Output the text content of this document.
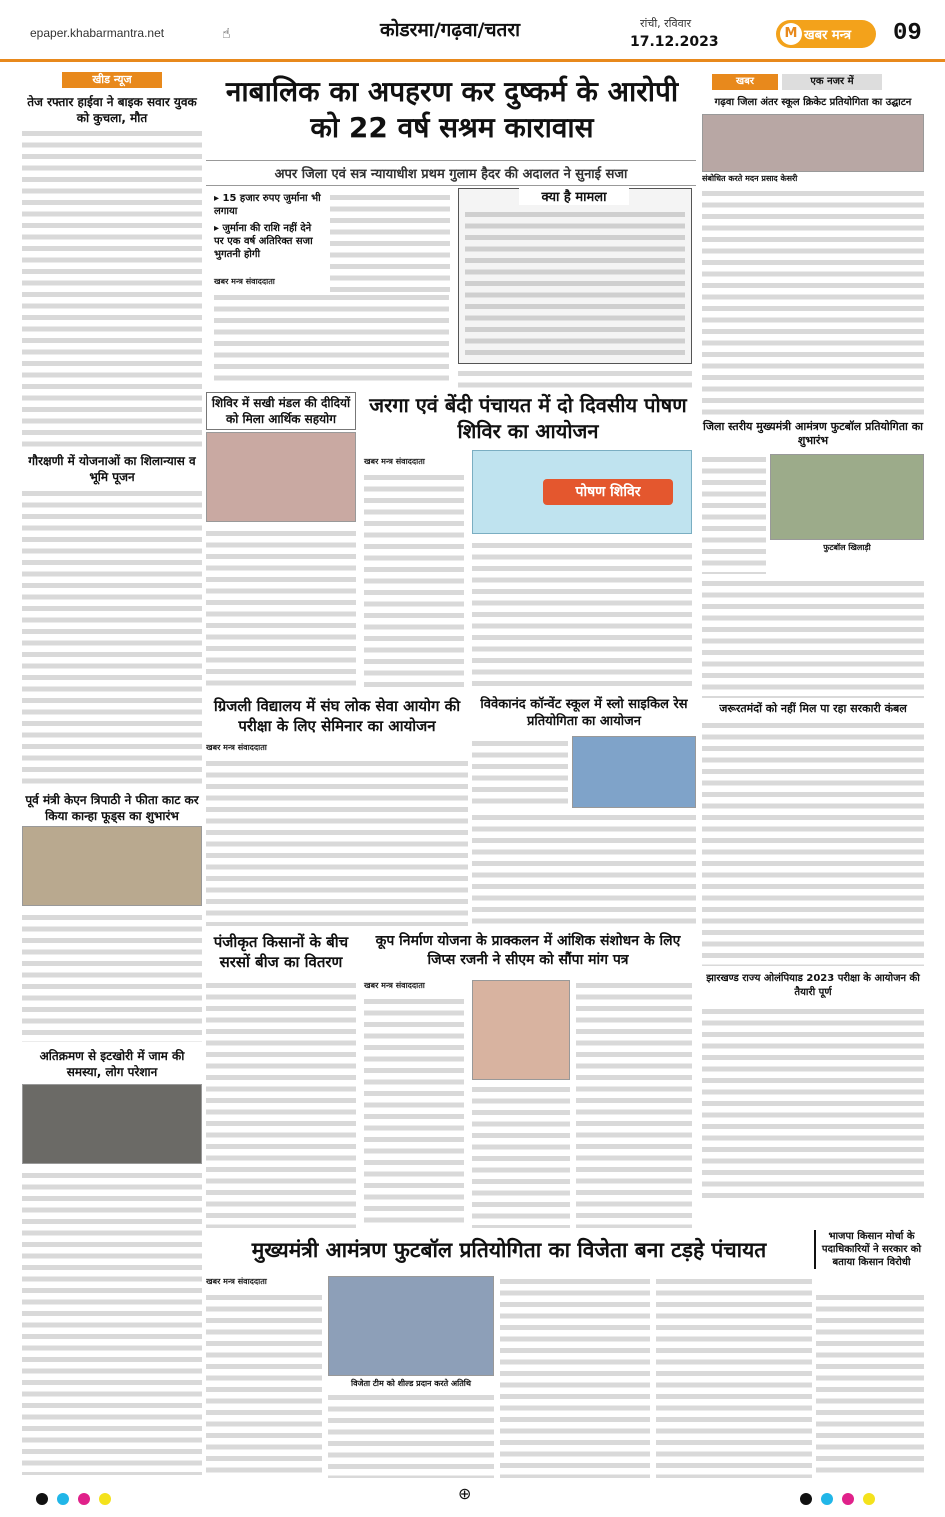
epaper.khabarmantra.net	☝	कोडरमा/गढ़वा/चतरा	रांची, रविवार
17.12.2023
M खबर मन्त्र	09
खीड न्यूज
तेज रफ्तार हाईवा ने बाइक सवार युवक को कुचला, मौत
गौरक्षणी में योजनाओं का शिलान्यास व भूमि पूजन
पूर्व मंत्री केएन त्रिपाठी ने फीता काट कर किया कान्हा फूड्स का शुभारंभ
अतिक्रमण से इटखोरी में जाम की समस्या, लोग परेशान
नाबालिक का अपहरण कर दुष्कर्म के आरोपी को 22 वर्ष सश्रम कारावास
अपर जिला एवं सत्र न्यायाधीश प्रथम गुलाम हैदर की अदालत ने सुनाई सजा
▸ 15 हजार रुपए जुर्माना भी लगाया
▸ जुर्माना की राशि नहीं देने पर एक वर्ष अतिरिक्त सजा भुगतनी होगी
खबर मन्त्र संवाददाता
क्या है मामला
शिविर में सखी मंडल की दीदियों को मिला आर्थिक सहयोग
जरगा एवं बेंदी पंचायत में दो दिवसीय पोषण शिविर का आयोजन
खबर मन्त्र संवाददाता
पोषण शिविर
ग्रिजली विद्यालय में संघ लोक सेवा आयोग की परीक्षा के लिए सेमिनार का आयोजन
खबर मन्त्र संवाददाता
विवेकानंद कॉन्वेंट स्कूल में स्लो साइकिल रेस प्रतियोगिता का आयोजन
पंजीकृत किसानों के बीच सरसों बीज का वितरण
कूप निर्माण योजना के प्राक्कलन में आंशिक संशोधन के लिए जिप्स रजनी ने सीएम को सौंपा मांग पत्र
खबर मन्त्र संवाददाता
मुख्यमंत्री आमंत्रण फुटबॉल प्रतियोगिता का विजेता बना टड़हे पंचायत
खबर मन्त्र संवाददाता
विजेता टीम को शील्ड प्रदान करते अतिथि
खबर	एक नजर में
गढ़वा जिला अंतर स्कूल क्रिकेट प्रतियोगिता का उद्घाटन
संबोधित करते मदन प्रसाद केसरी
जिला स्तरीय मुख्यमंत्री आमंत्रण फुटबॉल प्रतियोगिता का शुभारंभ
फुटबॉल खिलाड़ी
जरूरतमंदों को नहीं मिल पा रहा सरकारी कंबल
झारखण्ड राज्य ओलंपियाड 2023 परीक्षा के आयोजन की तैयारी पूर्ण
भाजपा किसान मोर्चा के पदाधिकारियों ने सरकार को बताया किसान विरोधी

⊕
